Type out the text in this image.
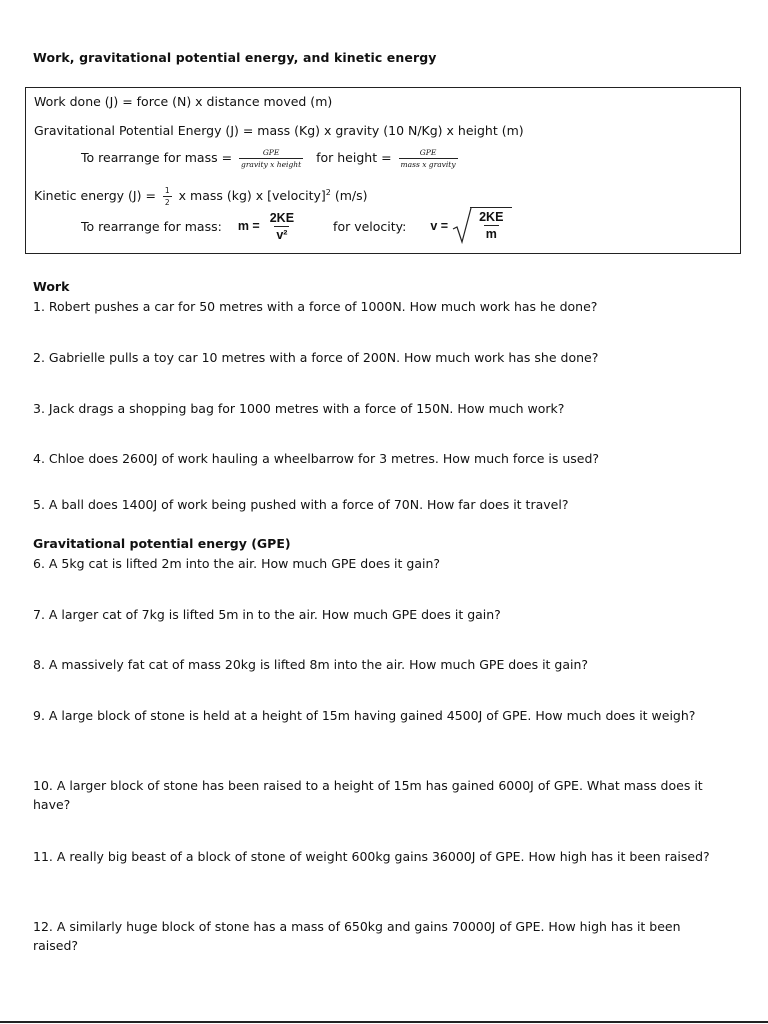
Work, gravitational potential energy, and kinetic energy
Work done (J) = force (N) x distance moved (m)
Gravitational Potential Energy (J) = mass (Kg) x gravity (10 N/Kg) x height (m)
To rearrange for mass = $\frac{\text{GPE}}{\text{gravity x height}}$ for height = $\frac{\text{GPE}}{\text{mass x gravity}}$
Kinetic energy $(J) = \frac{1}{2}$ x mass (kg) x [velocity]$^2$ (m/s)
To rearrange for mass: $m = \frac{2KE}{\text{v²}}$	for velocity: $v = \frac{2KE}{m}$
Work
1. Robert pushes a car for 50 metres with a force of 1000N. How much work has he done?
2. Gabrielle pulls a toy car 10 metres with a force of 200N. How much work has she done?
3. Jack drags a shopping bag for 1000 metres with a force of 150N. How much work?
4. Chloe does 2600J of work hauling a wheelbarrow for 3 metres. How much force is used?
5. A ball does 1400J of work being pushed with a force of 70N. How far does it travel?
Gravitational potential energy (GPE)
6. A 5kg cat is lifted 2m into the air. How much GPE does it gain?
7. A larger cat of 7kg is lifted 5m in to the air. How much GPE does it gain?
8. A massively fat cat of mass 20kg is lifted 8m into the air. How much GPE does it gain?
9. A large block of stone is held at a height of 15m having gained 4500J of GPE. How much does it weigh?
10. A larger block of stone has been raised to a height of 15m has gained 6000J of GPE. What mass does it have?
11. A really big beast of a block of stone of weight 600kg gains 36000J of GPE. How high has it been raised?
12. A similarly huge block of stone has a mass of 650kg and gains 70000J of GPE. How high has it been raised?
